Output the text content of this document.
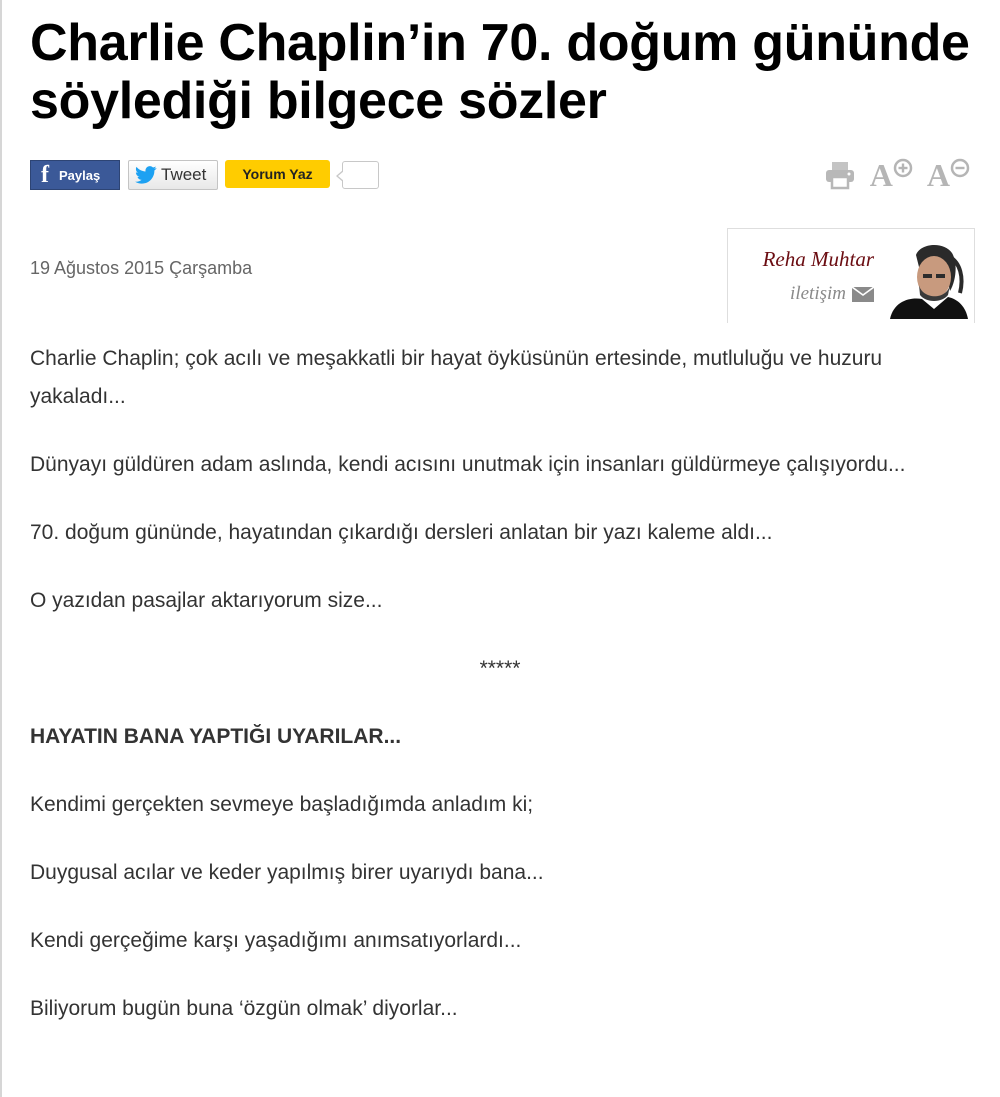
Charlie Chaplin’in 70. doğum gününde söylediği bilgece sözler
f Paylaş	Tweet	Yorum Yaz	A A
19 Ağustos 2015 Çarşamba	Reha Muhtar
iletişim

Charlie Chaplin; çok acılı ve meşakkatli bir hayat öyküsünün ertesinde, mutluluğu ve huzuru yakaladı...

Dünyayı güldüren adam aslında, kendi acısını unutmak için insanları güldürmeye çalışıyordu...

70. doğum gününde, hayatından çıkardığı dersleri anlatan bir yazı kaleme aldı...

O yazıdan pasajlar aktarıyorum size...

*****

HAYATIN BANA YAPTIĞI UYARILAR...

Kendimi gerçekten sevmeye başladığımda anladım ki;

Duygusal acılar ve keder yapılmış birer uyarıydı bana...

Kendi gerçeğime karşı yaşadığımı anımsatıyorlardı...

Biliyorum bugün buna ‘özgün olmak’ diyorlar...
